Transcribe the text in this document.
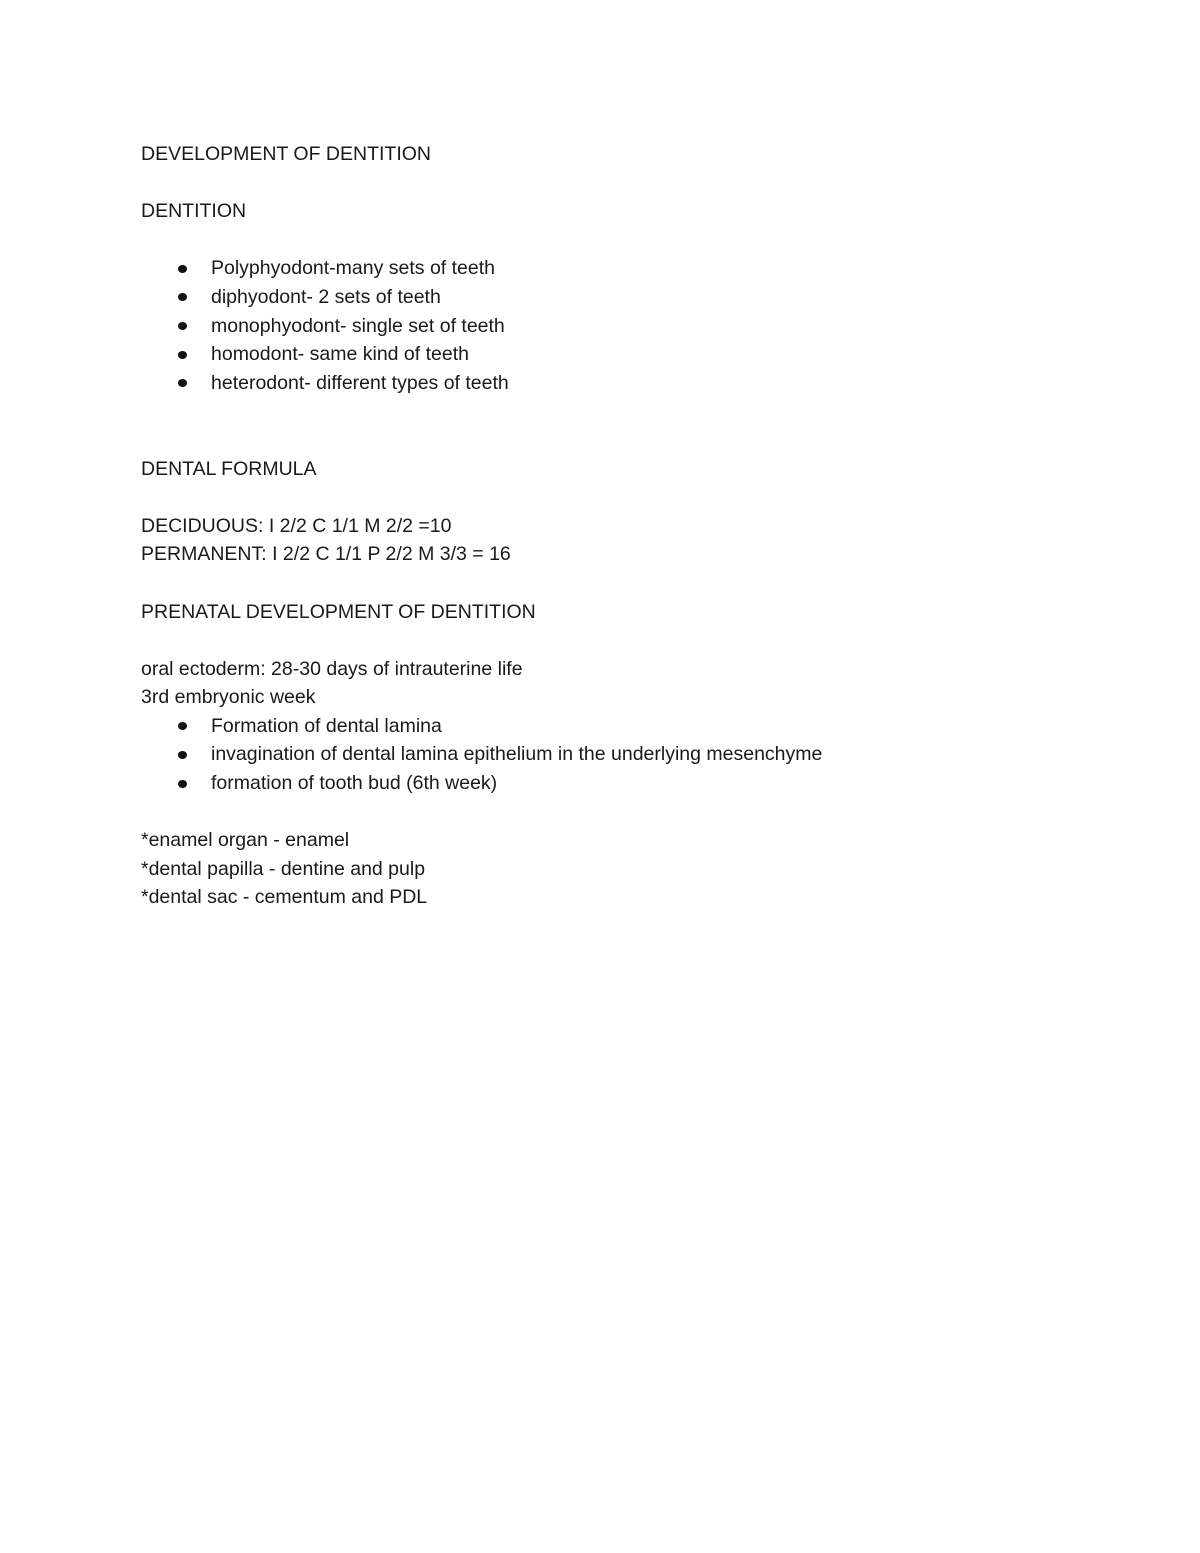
DEVELOPMENT OF DENTITION

DENTITION

Polyphyodont-many sets of teeth
diphyodont- 2 sets of teeth
monophyodont- single set of teeth
homodont- same kind of teeth
heterodont- different types of teeth

DENTAL FORMULA

DECIDUOUS: I 2/2 C 1/1 M 2/2 =10

PERMANENT: I 2/2 C 1/1 P 2/2 M 3/3 = 16

PRENATAL DEVELOPMENT OF DENTITION

oral ectoderm: 28-30 days of intrauterine life

3rd embryonic week

Formation of dental lamina
invagination of dental lamina epithelium in the underlying mesenchyme
formation of tooth bud (6th week)

*enamel organ - enamel

*dental papilla - dentine and pulp

*dental sac - cementum and PDL
